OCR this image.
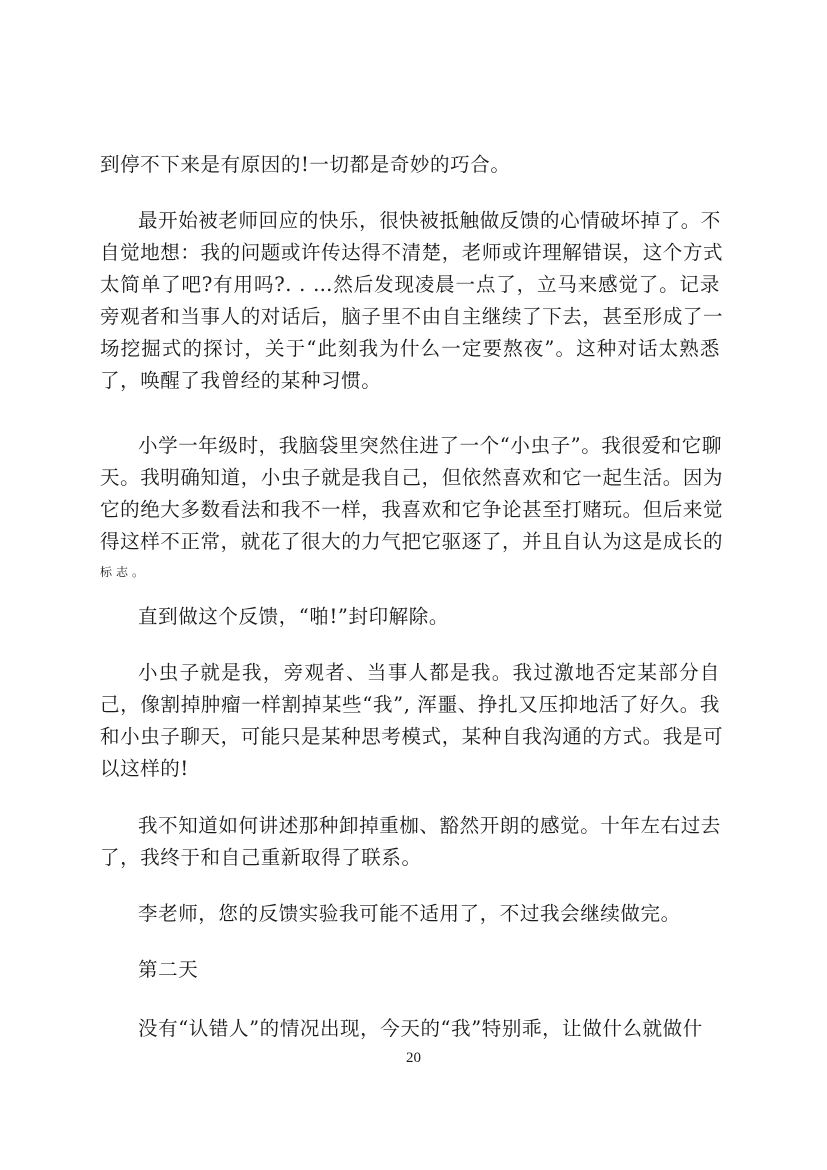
到停不下来是有原因的!一切都是奇妙的巧合。
最开始被老师回应的快乐，很快被抵触做反馈的心情破坏掉了。不
自觉地想：我的问题或许传达得不清楚，老师或许理解错误，这个方式
太简单了吧?有用吗?. . …然后发现凌晨一点了，立马来感觉了。记录
旁观者和当事人的对话后，脑子里不由自主继续了下去，甚至形成了一
场挖掘式的探讨，关于“此刻我为什么一定要熬夜”。这种对话太熟悉
了，唤醒了我曾经的某种习惯。
小学一年级时，我脑袋里突然住进了一个“小虫子”。我很爱和它聊
天。我明确知道，小虫子就是我自己，但依然喜欢和它一起生活。因为
它的绝大多数看法和我不一样，我喜欢和它争论甚至打赌玩。但后来觉
得这样不正常，就花了很大的力气把它驱逐了，并且自认为这是成长的
标志。
直到做这个反馈，“啪!”封印解除。
小虫子就是我，旁观者、当事人都是我。我过激地否定某部分自
己，像割掉肿瘤一样割掉某些“我”, 浑噩、挣扎又压抑地活了好久。我
和小虫子聊天，可能只是某种思考模式，某种自我沟通的方式。我是可
以这样的!
我不知道如何讲述那种卸掉重枷、豁然开朗的感觉。十年左右过去
了，我终于和自己重新取得了联系。
李老师，您的反馈实验我可能不适用了，不过我会继续做完。
第二天
没有“认错人”的情况出现，今天的“我”特别乖，让做什么就做什
20
